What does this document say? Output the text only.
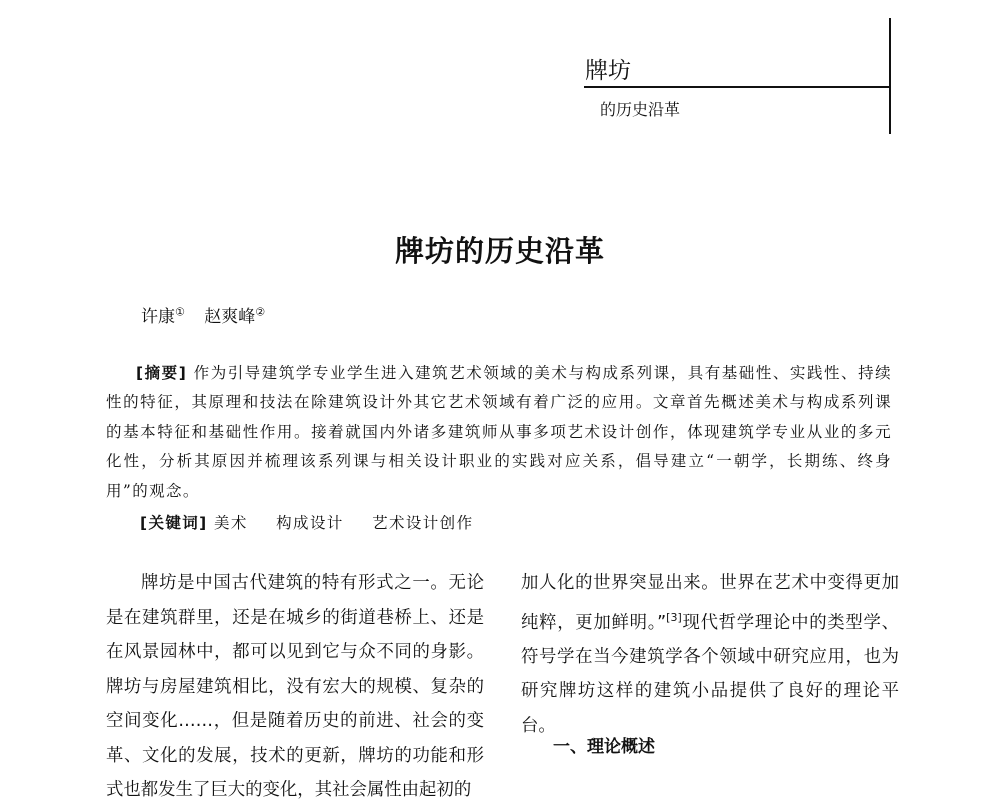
牌坊
的历史沿革
牌坊的历史沿革
许康① 赵爽峰②

[摘要] 作为引导建筑学专业学生进入建筑艺术领域的美术与构成系列课，具有基础性、实践性、持续性的特征，其原理和技法在除建筑设计外其它艺术领域有着广泛的应用。文章首先概述美术与构成系列课的基本特征和基础性作用。接着就国内外诸多建筑师从事多项艺术设计创作，体现建筑学专业从业的多元化性，分析其原因并梳理该系列课与相关设计职业的实践对应关系，倡导建立“一朝学，长期练、终身用”的观念。

[关键词] 美术 构成设计 艺术设计创作

牌坊是中国古代建筑的特有形式之一。无论是在建筑群里，还是在城乡的街道巷桥上、还是在风景园林中，都可以见到它与众不同的身影。牌坊与房屋建筑相比，没有宏大的规模、复杂的空间变化……，但是随着历史的前进、社会的变革、文化的发展，技术的更新，牌坊的功能和形式也都发生了巨大的变化，其社会属性由起初的

加人化的世界突显出来。世界在艺术中变得更加纯粹，更加鲜明。”[3]现代哲学理论中的类型学、符号学在当今建筑学各个领域中研究应用，也为研究牌坊这样的建筑小品提供了良好的理论平台。

一、理论概述
